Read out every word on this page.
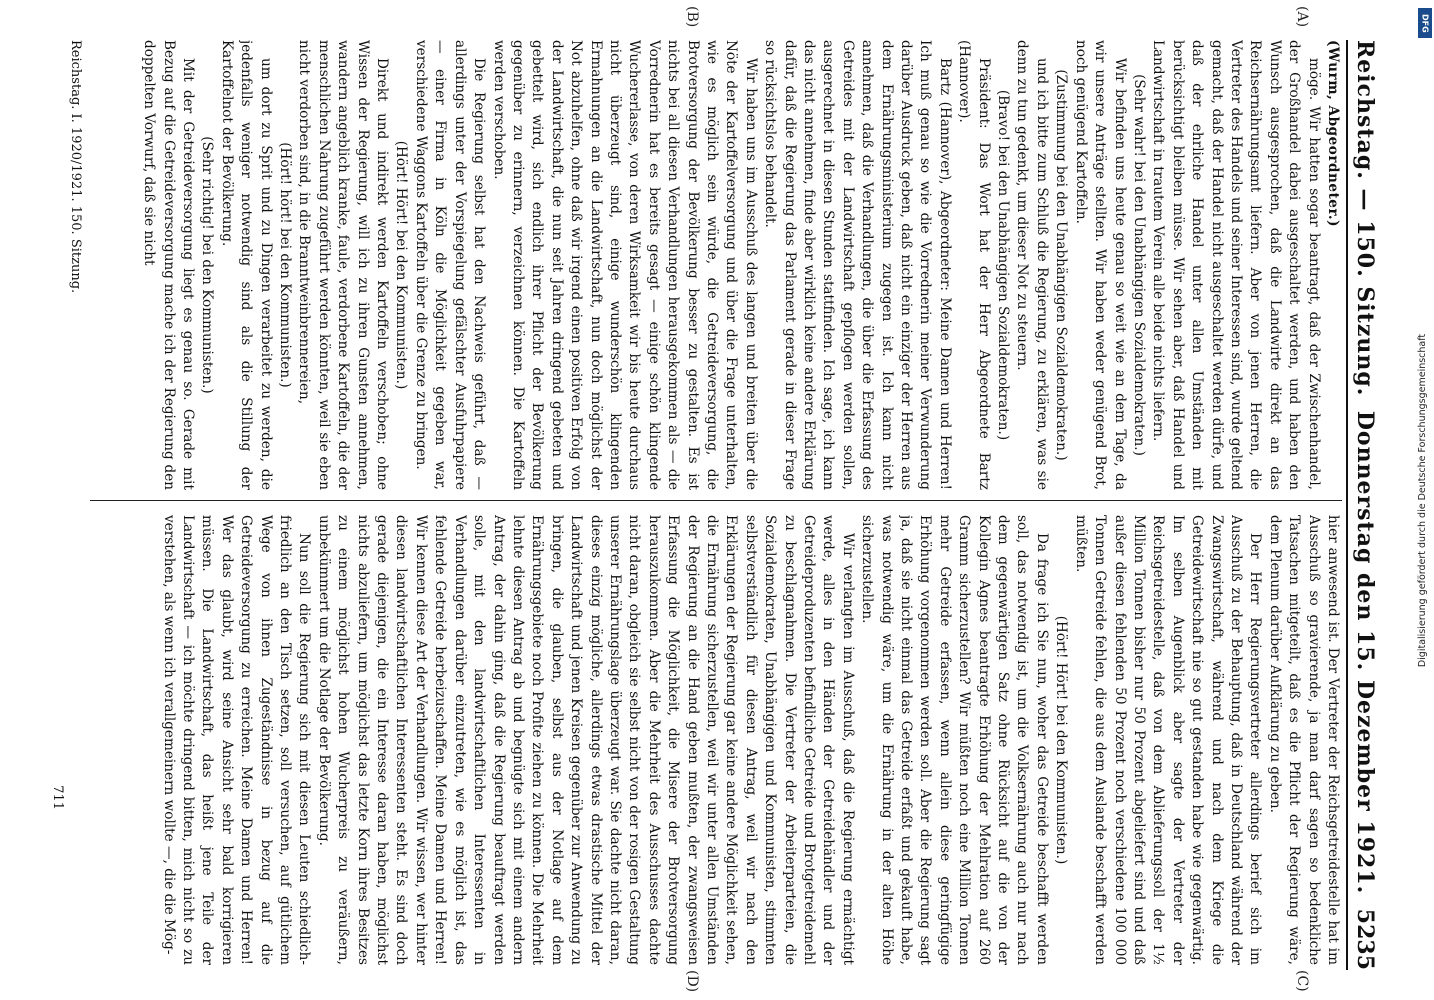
Reichstag. — 150. Sitzung.
Donnerstag den 15. Dezember 1921.
5235
(A)
(B)
(C)
(D)

(Wurm, Abgeordneter.)

möge. Wir hatten sogar beantragt, daß der Zwischenhandel, der Großhandel dabei ausgeschaltet werden, und haben den Wunsch ausgesprochen, daß die Landwirte direkt an das Reichsernährungsamt liefern. Aber von jenen Herren, die Vertreter des Handels und seiner Interessen sind, wurde geltend gemacht, daß der Handel nicht ausgeschaltet werden dürfe, und daß der ehrliche Handel unter allen Umständen mit berücksichtigt bleiben müsse. Wir sehen aber, daß Handel und Landwirtschaft in trautem Verein alle beide nichts liefern.

(Sehr wahr! bei den Unabhängigen Sozialdemokraten.)

Wir befinden uns heute genau so weit wie an dem Tage, da wir unsere Anträge stellten. Wir haben weder genügend Brot, noch genügend Kartoffeln.

(Zustimmung bei den Unabhängigen Sozialdemokraten.)

und ich bitte zum Schluß die Regierung, zu erklären, was sie denn zu tun gedenkt, um dieser Not zu steuern.

(Bravo! bei den Unabhängigen Sozialdemokraten.)

Präsident: Das Wort hat der Herr Abgeordnete Bartz (Hannover).

Bartz (Hannover), Abgeordneter: Meine Damen und Herren! Ich muß genau so wie die Vorrednerin meiner Verwunderung darüber Ausdruck geben, daß nicht ein einziger der Herren aus dem Ernährungsministerium zugegen ist. Ich kann nicht annehmen, daß die Verhandlungen, die über die Erfassung des Getreides mit der Landwirtschaft gepflogen werden sollen, ausgerechnet in diesen Stunden stattfinden. Ich sage, ich kann das nicht annehmen, finde aber wirklich keine andere Erklärung dafür, daß die Regierung das Parlament gerade in dieser Frage so rücksichtslos behandelt.

Wir haben uns im Ausschuß des langen und breiten über die Nöte der Kartoffelversorgung und über die Frage unterhalten, wie es möglich sein würde, die Getreideversorgung, die Brotversorgung der Bevölkerung besser zu gestalten. Es ist nichts bei all diesen Verhandlungen herausgekommen als — die Vorrednerin hat es bereits gesagt — einige schön klingende Wuchererlasse, von deren Wirksamkeit wir bis heute durchaus nicht überzeugt sind, einige wunderschön klingenden Ermahnungen an die Landwirtschaft, nun doch möglichst der Not abzuhelfen, ohne daß wir irgend einen positiven Erfolg von der Landwirtschaft, die nun seit Jahren dringend gebeten und gebettelt wird, sich endlich ihrer Pflicht der Bevölkerung gegenüber zu erinnern, verzeichnen können. Die Kartoffeln werden verschoben.

Die Regierung selbst hat den Nachweis geführt, daß — allerdings unter der Vorspiegelung gefälschter Ausfuhrpapiere — einer Firma in Köln die Möglichkeit gegeben war, verschiedene Waggons Kartoffeln über die Grenze zu bringen.

(Hört! Hört! bei den Kommunisten.)

Direkt und indirekt werden Kartoffeln verschoben; ohne Wissen der Regierung, will ich zu ihren Gunsten annehmen, wandern angeblich kranke, faule, verdorbene Kartoffeln, die der menschlichen Nahrung zugeführt werden könnten, weil sie eben nicht verdorben sind, in die Branntweinbrennereien,

(Hört! hört! bei den Kommunisten.)

um dort zu Sprit und zu Dingen verarbeitet zu werden, die jedenfalls weniger notwendig sind als die Stillung der Kartoffelnot der Bevölkerung.

(Sehr richtig! bei den Kommunisten.)

Mit der Getreideversorgung liegt es genau so. Gerade mit Bezug auf die Getreideversorgung mache ich der Regierung den doppelten Vorwurf, daß sie nicht

hier anwesend ist. Der Vertreter der Reichsgetreidestelle hat im Ausschuß so gravierende, ja man darf sagen so bedenkliche Tatsachen mitgeteilt, daß es die Pflicht der Regierung wäre, dem Plenum darüber Aufklärung zu geben.

Der Herr Regierungsvertreter allerdings berief sich im Ausschuß zu der Behauptung, daß in Deutschland während der Zwangswirtschaft, während und nach dem Kriege die Getreidewirtschaft nie so gut gestanden habe wie gegenwärtig. Im selben Augenblick aber sagte der Vertreter der Reichsgetreidestelle, daß von dem Ablieferungssoll der 1½ Million Tonnen bisher nur 50 Prozent abgeliefert sind und daß außer diesen fehlenden 50 Prozent noch verschiedene 100 000 Tonnen Getreide fehlen, die aus dem Auslande beschafft werden müßten.

(Hört! Hört! bei den Kommunisten.)

Da frage ich Sie nun, woher das Getreide beschafft werden soll, das notwendig ist, um die Volksernährung auch nur nach dem gegenwärtigen Satz ohne Rücksicht auf die von der Kollegin Agnes beantragte Erhöhung der Mehlration auf 260 Gramm sicherzustellen? Wir müßten noch eine Million Tonnen mehr Getreide erfassen, wenn allein diese geringfügige Erhöhung vorgenommen werden soll. Aber die Regierung sagt ja, daß sie nicht einmal das Getreide erfaßt und gekauft habe, was notwendig wäre, um die Ernährung in der alten Höhe sicherzustellen.

Wir verlangten im Ausschuß, daß die Regierung ermächtigt werde, alles in den Händen der Getreidehändler und der Getreideproduzenten befindliche Getreide und Brotgetreidemehl zu beschlagnahmen. Die Vertreter der Arbeiterparteien, die Sozialdemokraten, Unabhängigen und Kommunisten, stimmten selbstverständlich für diesen Antrag, weil wir nach den Erklärungen der Regierung gar keine andere Möglichkeit sehen, die Ernährung sicherzustellen, weil wir unter allen Umständen der Regierung an die Hand geben mußten, der zwangsweisen Erfassung die Möglichkeit, die Misere der Brotversorgung herauszukommen. Aber die Mehrheit des Ausschusses dachte nicht daran, obgleich sie selbst nicht von der rosigen Gestaltung unserer Ernährungslage überzeugt war. Sie dachte nicht daran, dieses einzig mögliche, allerdings etwas drastische Mittel der Landwirtschaft und jenen Kreisen gegenüber zur Anwendung zu bringen, die glauben, selbst aus der Notlage auf dem Ernährungsgebiete noch Profite ziehen zu können. Die Mehrheit lehnte diesen Antrag ab und begnügte sich mit einem andern Antrag, der dahin ging, daß die Regierung beauftragt werden solle, mit den landwirtschaftlichen Interessenten in Verhandlungen darüber einzutreten, wie es möglich ist, das fehlende Getreide herbeizuschaffen. Meine Damen und Herren! Wir kennen diese Art der Verhandlungen. Wir wissen, wer hinter diesen landwirtschaftlichen Interessenten steht. Es sind doch gerade diejenigen, die ein Interesse daran haben, möglichst nichts abzuliefern, um möglichst das letzte Korn ihres Besitzes zu einem möglichst hohen Wucherpreis zu veräußern, unbekümmert um die Notlage der Bevölkerung.

Nun soll die Regierung sich mit diesen Leuten schiedlich-friedlich an den Tisch setzen, soll versuchen, auf gütlichem Wege von ihnen Zugeständnisse in bezug auf die Getreideversorgung zu erreichen. Meine Damen und Herren! Wer das glaubt, wird seine Ansicht sehr bald korrigieren müssen. Die Landwirtschaft, das heißt jene Teile der Landwirtschaft — ich möchte dringend bitten, mich nicht so zu verstehen, als wenn ich verallgemeinern wollte —, die die Mög-

Reichstag. I. 1920/1921. 150. Sitzung.
711
DFG
Digitalisierung gefördert durch die Deutsche Forschungsgemeinschaft
